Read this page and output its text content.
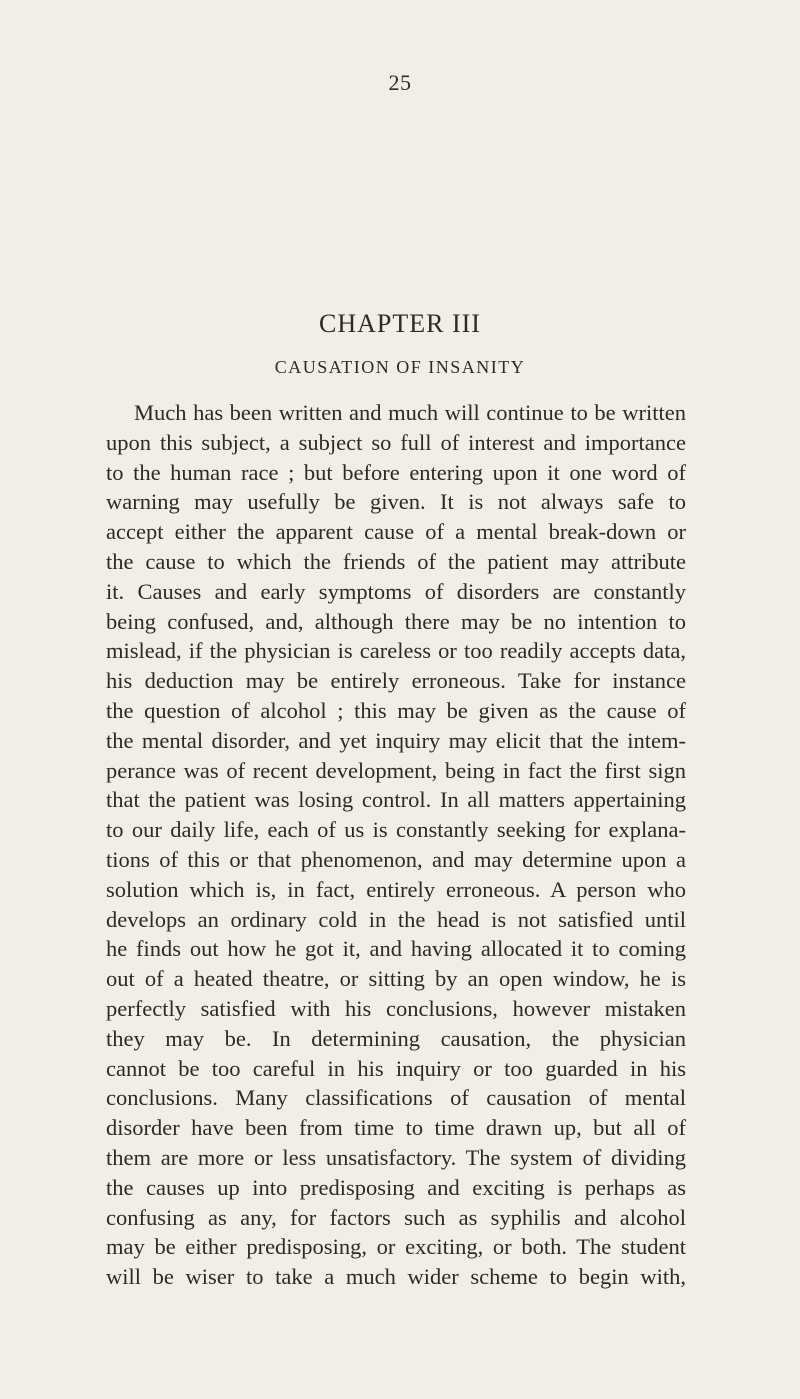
25
CHAPTER III
CAUSATION OF INSANITY
Much has been written and much will continue to be written
upon this subject, a subject so full of interest and importance
to the human race ; but before entering upon it one word of
warning may usefully be given. It is not always safe to
accept either the apparent cause of a mental break-down or
the cause to which the friends of the patient may attribute
it. Causes and early symptoms of disorders are constantly
being confused, and, although there may be no intention to
mislead, if the physician is careless or too readily accepts data,
his deduction may be entirely erroneous. Take for instance
the question of alcohol ; this may be given as the cause of
the mental disorder, and yet inquiry may elicit that the intem-
perance was of recent development, being in fact the first sign
that the patient was losing control. In all matters appertaining
to our daily life, each of us is constantly seeking for explana-
tions of this or that phenomenon, and may determine upon a
solution which is, in fact, entirely erroneous. A person who
develops an ordinary cold in the head is not satisfied until
he finds out how he got it, and having allocated it to coming
out of a heated theatre, or sitting by an open window, he is
perfectly satisfied with his conclusions, however mistaken
they may be. In determining causation, the physician
cannot be too careful in his inquiry or too guarded in his
conclusions. Many classifications of causation of mental
disorder have been from time to time drawn up, but all of
them are more or less unsatisfactory. The system of dividing
the causes up into predisposing and exciting is perhaps as
confusing as any, for factors such as syphilis and alcohol
may be either predisposing, or exciting, or both. The student
will be wiser to take a much wider scheme to begin with,
